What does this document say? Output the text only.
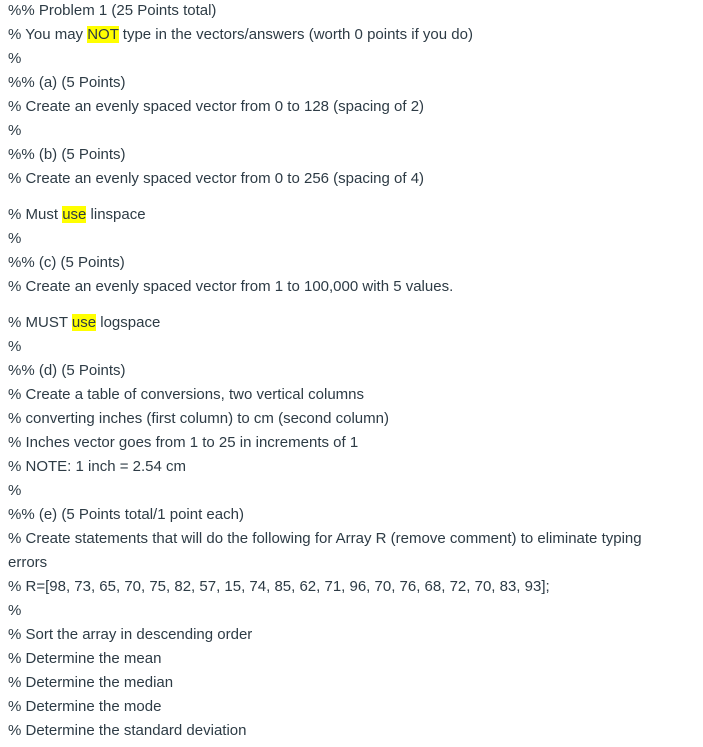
%% Problem 1 (25 Points total)
% You may NOT type in the vectors/answers (worth 0 points if you do)
%
%% (a) (5 Points)
% Create an evenly spaced vector from 0 to 128 (spacing of 2)
%
%% (b) (5 Points)
% Create an evenly spaced vector from 0 to 256 (spacing of 4)
% Must use linspace
%
%% (c) (5 Points)
% Create an evenly spaced vector from 1 to 100,000 with 5 values.
% MUST use logspace
%
%% (d) (5 Points)
% Create a table of conversions, two vertical columns
% converting inches (first column) to cm (second column)
% Inches vector goes from 1 to 25 in increments of 1
% NOTE: 1 inch = 2.54 cm
%
%% (e) (5 Points total/1 point each)
% Create statements that will do the following for Array R (remove comment) to eliminate typing
errors
% R=[98, 73, 65, 70, 75, 82, 57, 15, 74, 85, 62, 71, 96, 70, 76, 68, 72, 70, 83, 93];
%
% Sort the array in descending order
% Determine the mean
% Determine the median
% Determine the mode
% Determine the standard deviation
